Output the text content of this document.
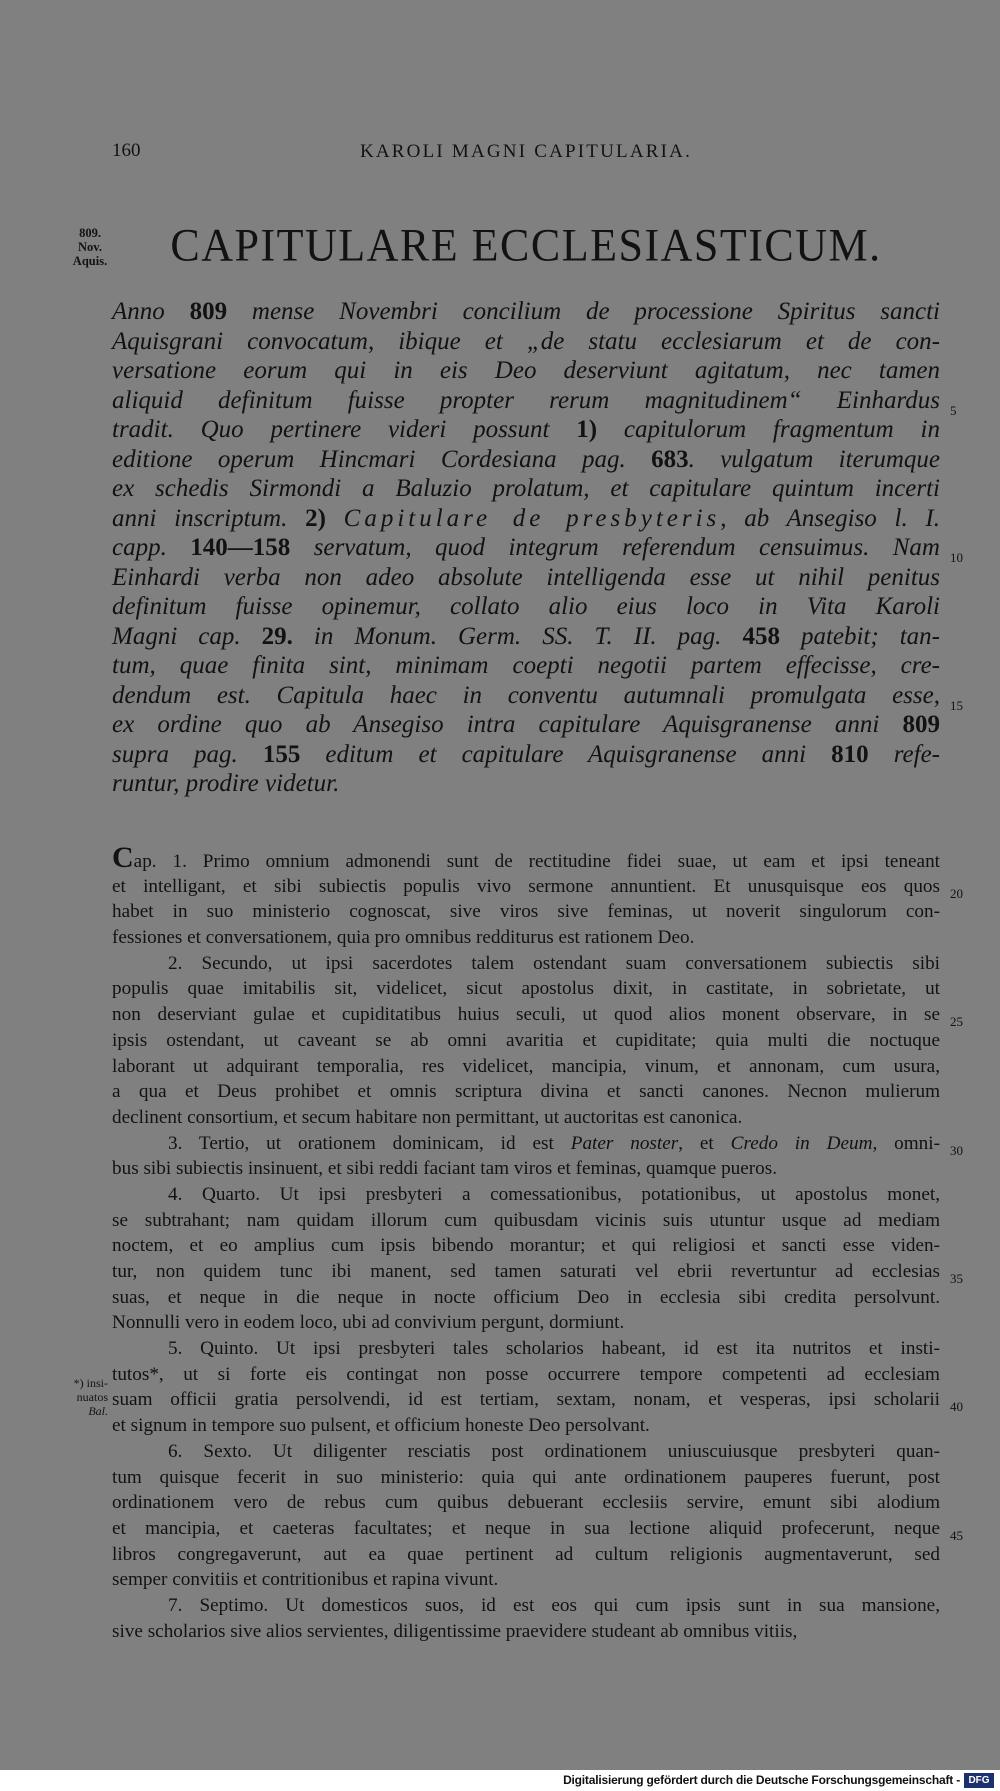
160	KAROLI MAGNI CAPITULARIA.
809.
Nov.
Aquis.	CAPITULARE ECCLESIASTICUM.
Anno 809 mense Novembri concilium de processione Spiritus sancti
Aquisgrani convocatum, ibique et „de statu ecclesiarum et de con-
versatione eorum qui in eis Deo deserviunt agitatum, nec tamen
aliquid definitum fuisse propter rerum magnitudinem“ Einhardus 5
tradit. Quo pertinere videri possunt 1) capitulorum fragmentum in
editione operum Hincmari Cordesiana pag. 683. vulgatum iterumque
ex schedis Sirmondi a Baluzio prolatum, et capitulare quintum incerti
anni inscriptum. 2) Capitulare de presbyteris, ab Ansegiso l. I.
capp. 140—158 servatum, quod integrum referendum censuimus. Nam 10
Einhardi verba non adeo absolute intelligenda esse ut nihil penitus
definitum fuisse opinemur, collato alio eius loco in Vita Karoli
Magni cap. 29. in Monum. Germ. SS. T. II. pag. 458 patebit; tan-
tum, quae finita sint, minimam coepti negotii partem effecisse, cre-
dendum est. Capitula haec in conventu autumnali promulgata esse, 15
ex ordine quo ab Ansegiso intra capitulare Aquisgranense anni 809
supra pag. 155 editum et capitulare Aquisgranense anni 810 refe-
runtur, prodire videtur.
Cap. 1. Primo omnium admonendi sunt de rectitudine fidei suae, ut eam et ipsi teneant
et intelligant, et sibi subiectis populis vivo sermone annuntient. Et unusquisque eos quos 20
habet in suo ministerio cognoscat, sive viros sive feminas, ut noverit singulorum con-
fessiones et conversationem, quia pro omnibus redditurus est rationem Deo.
2. Secundo, ut ipsi sacerdotes talem ostendant suam conversationem subiectis sibi
populis quae imitabilis sit, videlicet, sicut apostolus dixit, in castitate, in sobrietate, ut
non deserviant gulae et cupiditatibus huius seculi, ut quod alios monent observare, in se 25
ipsis ostendant, ut caveant se ab omni avaritia et cupiditate; quia multi die noctuque
laborant ut adquirant temporalia, res videlicet, mancipia, vinum, et annonam, cum usura,
a qua et Deus prohibet et omnis scriptura divina et sancti canones. Necnon mulierum
declinent consortium, et secum habitare non permittant, ut auctoritas est canonica.
3. Tertio, ut orationem dominicam, id est Pater noster, et Credo in Deum, omni- 30
bus sibi subiectis insinuent, et sibi reddi faciant tam viros et feminas, quamque pueros.
4. Quarto. Ut ipsi presbyteri a comessationibus, potationibus, ut apostolus monet,
se subtrahant; nam quidam illorum cum quibusdam vicinis suis utuntur usque ad mediam
noctem, et eo amplius cum ipsis bibendo morantur; et qui religiosi et sancti esse viden-
tur, non quidem tunc ibi manent, sed tamen saturati vel ebrii revertuntur ad ecclesias 35
suas, et neque in die neque in nocte officium Deo in ecclesia sibi credita persolvunt.
Nonnulli vero in eodem loco, ubi ad convivium pergunt, dormiunt.
5. Quinto. Ut ipsi presbyteri tales scholarios habeant, id est ita nutritos et insti-
tutos*, ut si forte eis contingat non posse occurrere tempore competenti ad ecclesiam
suam officii gratia persolvendi, id est tertiam, sextam, nonam, et vesperas, ipsi scholarii 40
et signum in tempore suo pulsent, et officium honeste Deo persolvant.
6. Sexto. Ut diligenter resciatis post ordinationem uniuscuiusque presbyteri quan-
tum quisque fecerit in suo ministerio: quia qui ante ordinationem pauperes fuerunt, post
ordinationem vero de rebus cum quibus debuerant ecclesiis servire, emunt sibi alodium
et mancipia, et caeteras facultates; et neque in sua lectione aliquid profecerunt, neque 45
libros congregaverunt, aut ea quae pertinent ad cultum religionis augmentaverunt, sed
semper convitiis et contritionibus et rapina vivunt.
7. Septimo. Ut domesticos suos, id est eos qui cum ipsis sunt in sua mansione,
sive scholarios sive alios servientes, diligentissime praevidere studeant ab omnibus vitiis,
*) insi-
nuatos
Bal.
Digitalisierung gefördert durch die Deutsche Forschungsgemeinschaft - DFG
